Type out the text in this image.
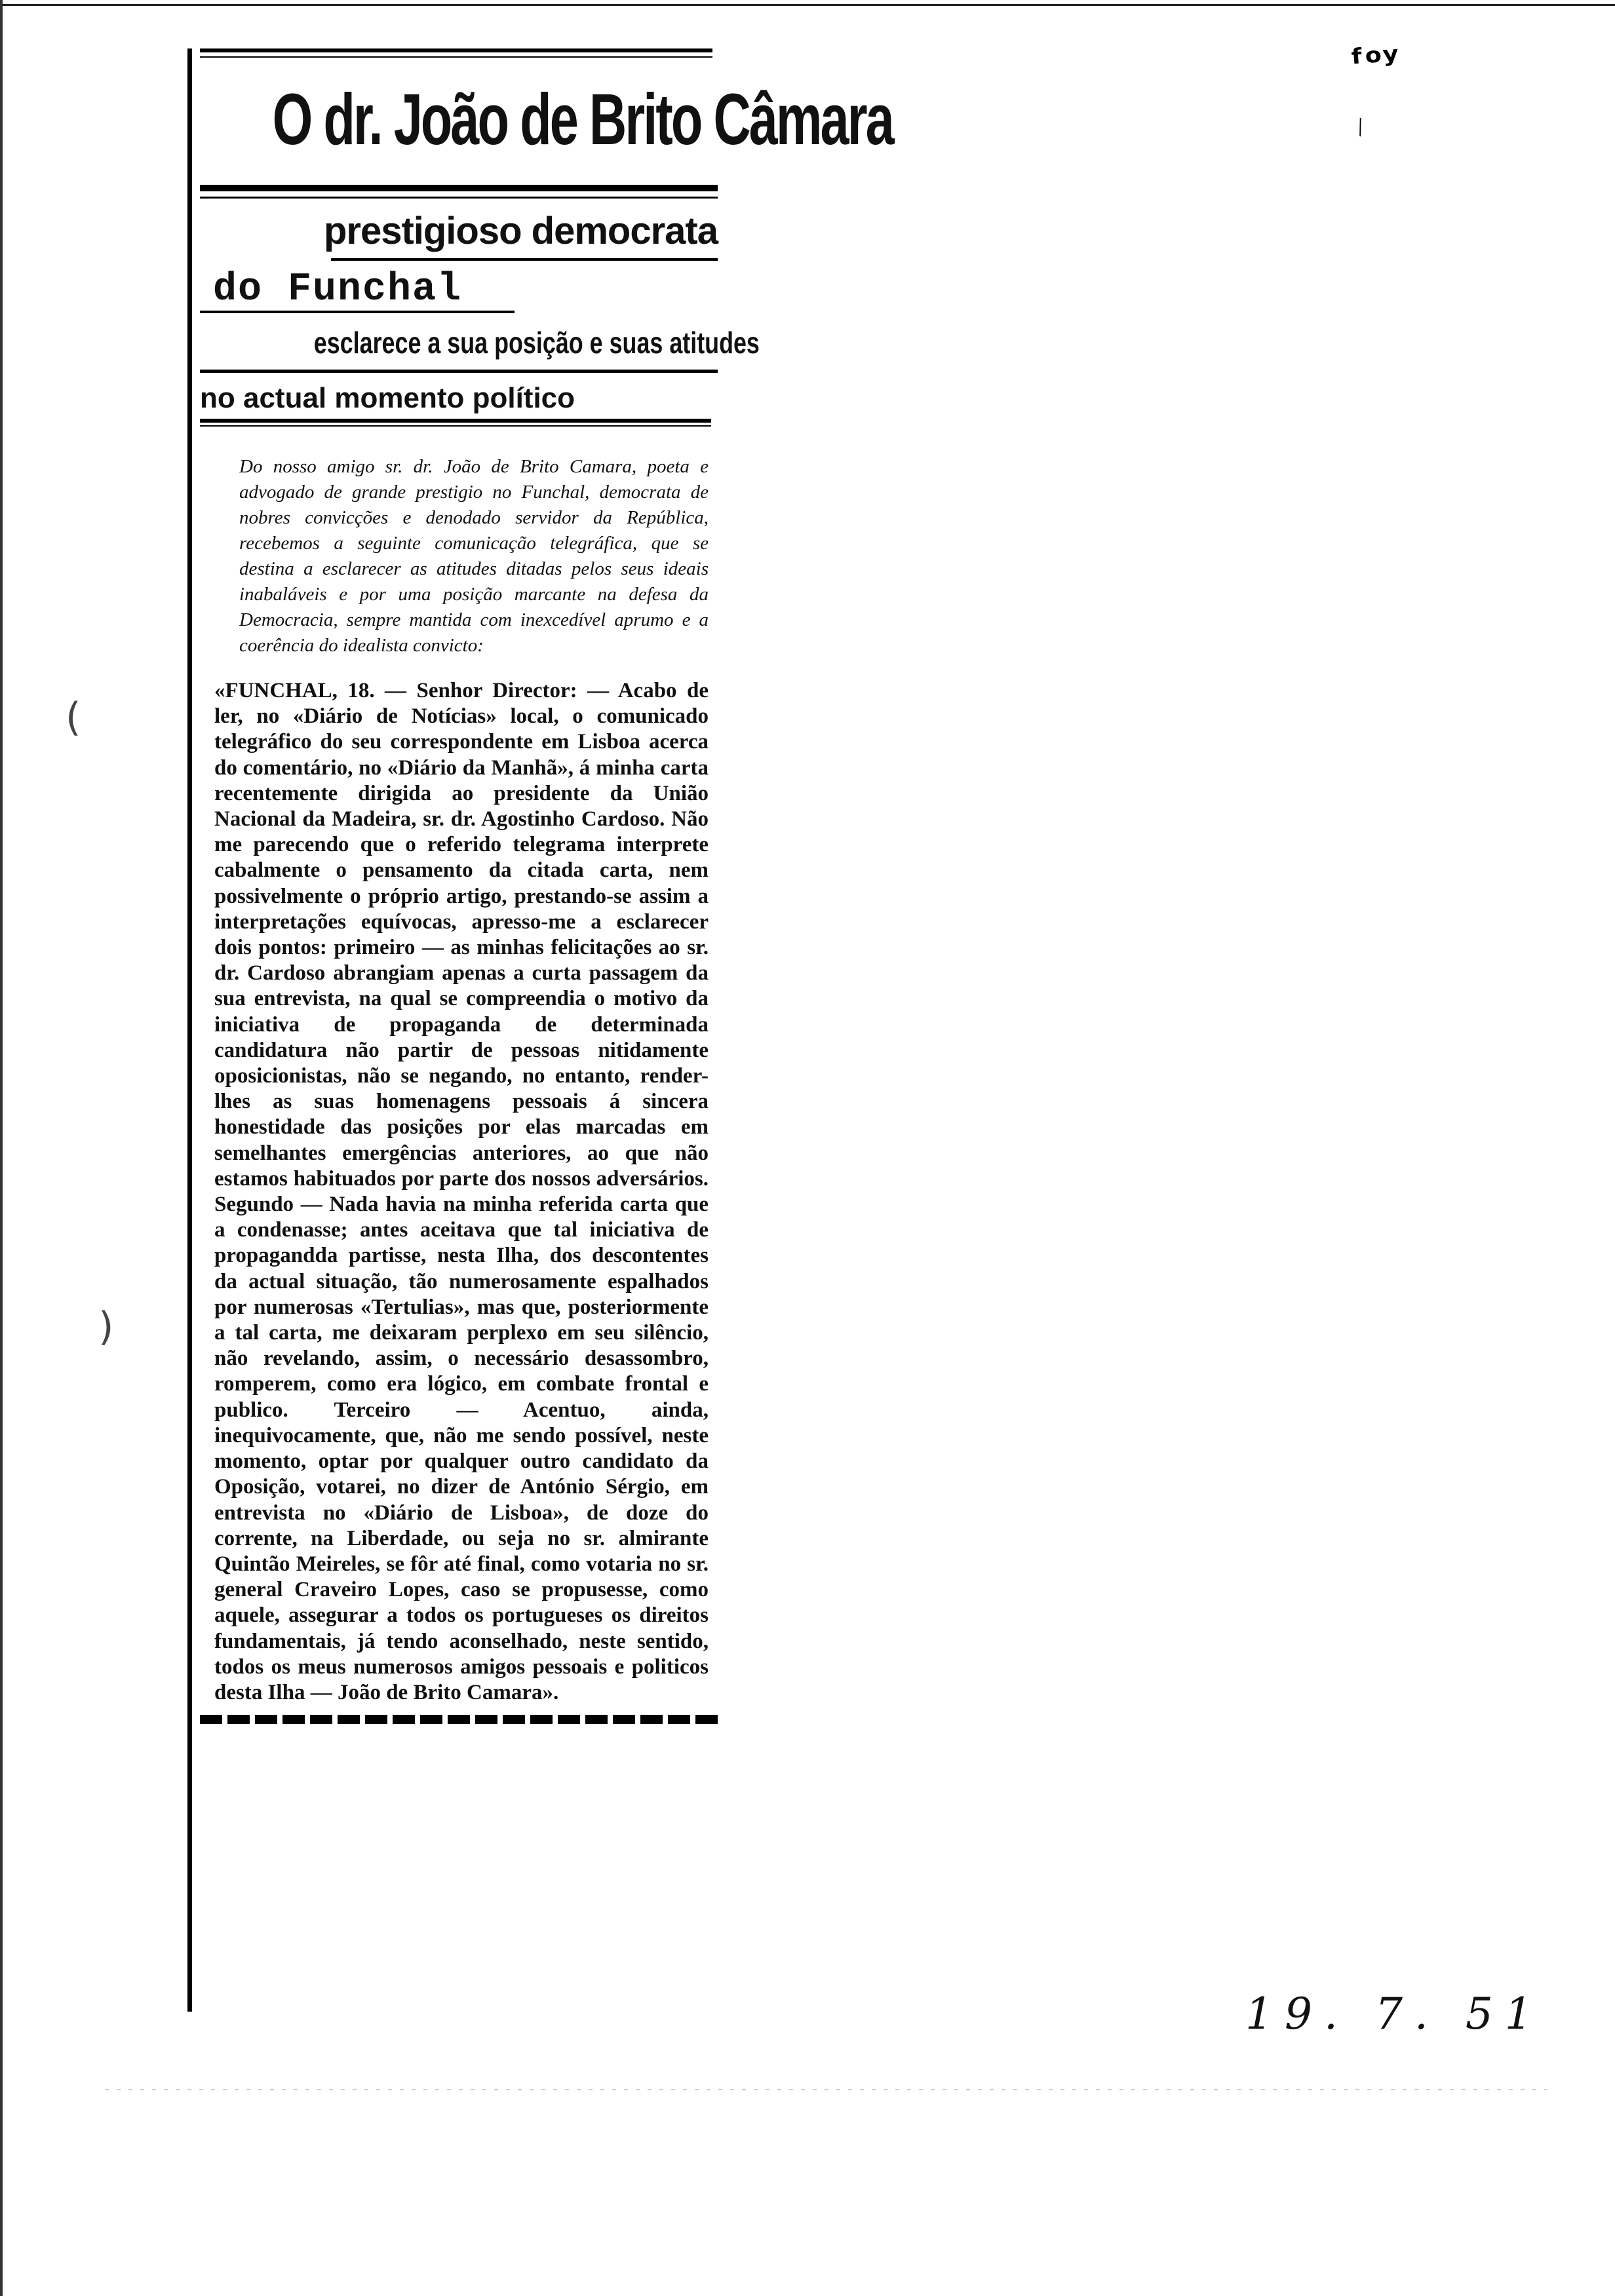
ᶠᵒʸ
\
(
)
O dr. João de Brito Câmara
prestigioso democrata
do Funchal
esclarece a sua posição e suas atitudes
no actual momento político
Do nosso amigo sr. dr. João de Brito Camara, poeta e advogado de grande prestigio no Funchal, democrata de nobres convicções e denodado servidor da República, recebemos a seguinte comunicação telegráfica, que se destina a esclarecer as atitudes ditadas pelos seus ideais inabaláveis e por uma posição marcante na defesa da Democracia, sempre mantida com inexcedível aprumo e a coerência do idealista convicto:
«FUNCHAL, 18. — Senhor Director: — Acabo de ler, no «Diário de Notícias» local, o comunicado telegráfico do seu correspondente em Lisboa acerca do comentário, no «Diário da Manhã», á minha carta recentemente dirigida ao presidente da União Nacional da Madeira, sr. dr. Agostinho Cardoso. Não me parecendo que o referido telegrama interprete cabalmente o pensamento da citada carta, nem possivelmente o próprio artigo, prestando-se assim a interpretações equívocas, apresso-me a esclarecer dois pontos: primeiro — as minhas felicitações ao sr. dr. Cardoso abrangiam apenas a curta passagem da sua entrevista, na qual se compreendia o motivo da iniciativa de propaganda de determinada candidatura não partir de pessoas nitidamente oposicionistas, não se negando, no entanto, render-lhes as suas homenagens pessoais á sincera honestidade das posições por elas marcadas em semelhantes emergências anteriores, ao que não estamos habituados por parte dos nossos adversários. Segundo — Nada havia na minha referida carta que a condenasse; antes aceitava que tal iniciativa de propagandda partisse, nesta Ilha, dos descontentes da actual situação, tão numerosamente espalhados por numerosas «Tertulias», mas que, posteriormente a tal carta, me deixaram perplexo em seu silêncio, não revelando, assim, o necessário desassombro, romperem, como era lógico, em combate frontal e publico. Terceiro — Acentuo, ainda, inequivocamente, que, não me sendo possível, neste momento, optar por qualquer outro candidato da Oposição, votarei, no dizer de António Sérgio, em entrevista no «Diário de Lisboa», de doze do corrente, na Liberdade, ou seja no sr. almirante Quintão Meireles, se fôr até final, como votaria no sr. general Craveiro Lopes, caso se propusesse, como aquele, assegurar a todos os portugueses os direitos fundamentais, já tendo aconselhado, neste sentido, todos os meus numerosos amigos pessoais e politicos desta Ilha — João de Brito Camara».
19. 7. 51
